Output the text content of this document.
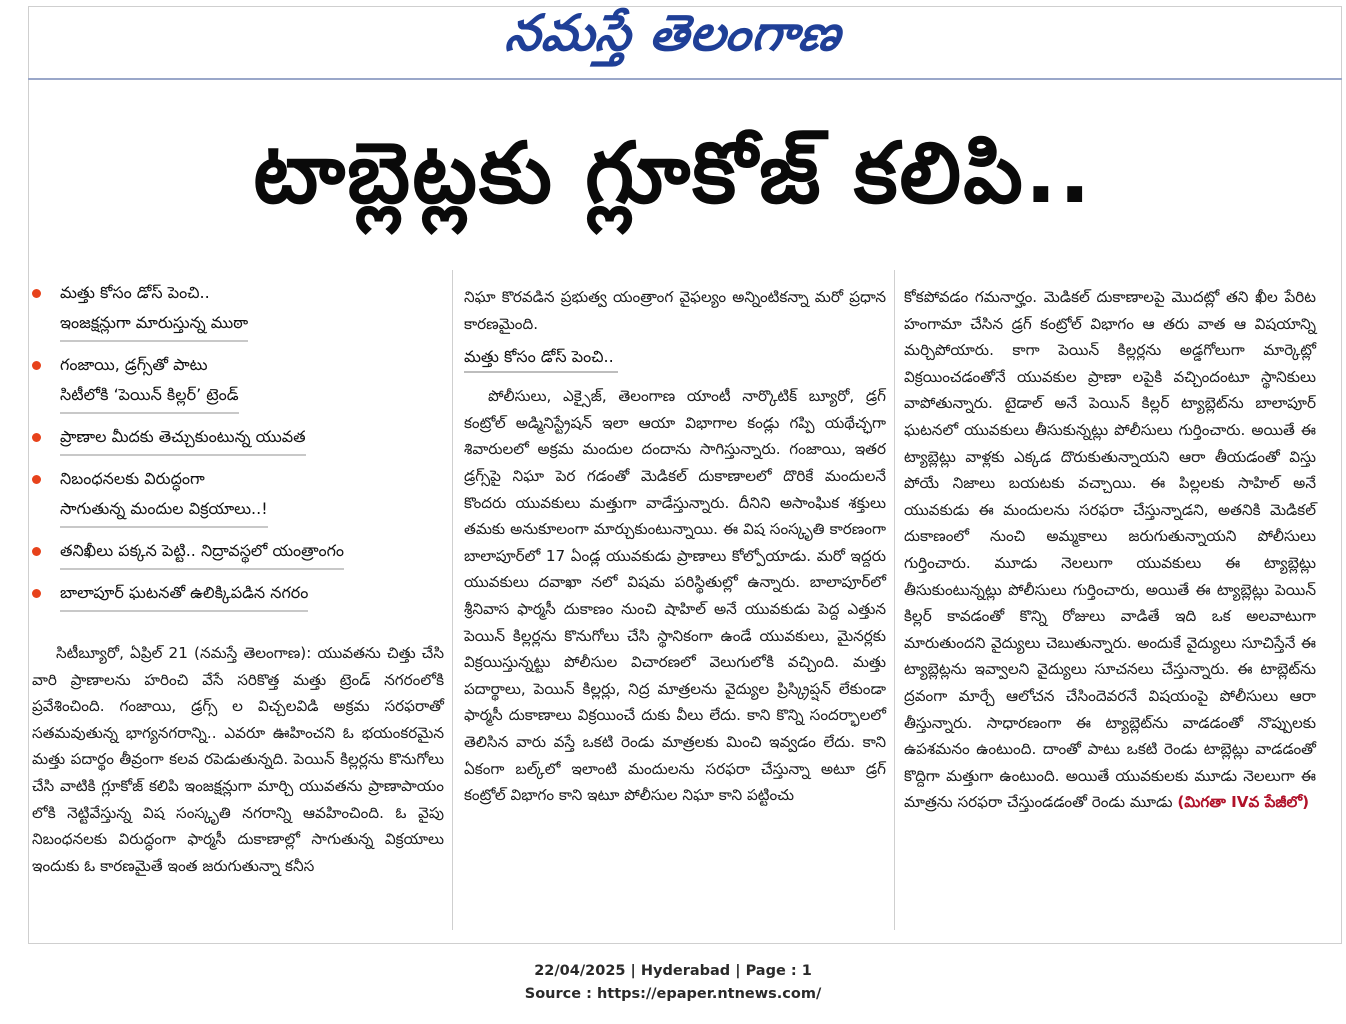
నమస్తే తెలంగాణ
టాబ్లెట్లకు గ్లూకోజ్ కలిపి..
మత్తు కోసం డోస్ పెంచి..
ఇంజక్షన్లుగా మారుస్తున్న ముఠా
గంజాయి, డ్రగ్స్‌తో పాటు
సిటీలోకి ‘పెయిన్ కిల్లర్’ ట్రెండ్
ప్రాణాల మీదకు తెచ్చుకుంటున్న యువత
నిబంధనలకు విరుద్ధంగా
సాగుతున్న మందుల విక్రయాలు..!
తనిఖీలు పక్కన పెట్టి.. నిద్రావస్థలో యంత్రాంగం
బాలాపూర్ ఘటనతో ఉలిక్కిపడిన నగరం

సిటీబ్యూరో, ఏప్రిల్ 21 (నమస్తే తెలంగాణ): యువతను చిత్తు చేసి వారి ప్రాణాలను హరించి వేసే సరికొత్త మత్తు ట్రెండ్ నగరంలోకి ప్రవేశించింది. గంజాయి, డ్రగ్స్ ల విచ్చలవిడి అక్రమ సరఫరాతో సతమవుతున్న భాగ్యనగరాన్ని.. ఎవరూ ఊహించని ఓ భయంకరమైన మత్తు పదార్థం తీవ్రంగా కలవ రపెడుతున్నది. పెయిన్ కిల్లర్లను కొనుగోలు చేసి వాటికి గ్లూకోజ్ కలిపి ఇంజక్షన్లుగా మార్చి యువతను ప్రాణాపాయం లోకి నెట్టివేస్తున్న విష సంస్కృతి నగరాన్ని ఆవహించింది. ఓ వైపు నిబంధనలకు విరుద్ధంగా ఫార్మసీ దుకాణాల్లో సాగుతున్న విక్రయాలు ఇందుకు ఓ కారణమైతే ఇంత జరుగుతున్నా కనీస

నిఘా కొరవడిన ప్రభుత్వ యంత్రాంగ వైఫల్యం అన్నింటికన్నా మరో ప్రధాన కారణమైంది.

మత్తు కోసం డోస్ పెంచి..

పోలీసులు, ఎక్సైజ్, తెలంగాణ యాంటీ నార్కొటిక్ బ్యూరో, డ్రగ్ కంట్రోల్ అడ్మినిస్ట్రేషన్ ఇలా ఆయా విభాగాల కండ్లు గప్పి యథేచ్ఛగా శివారులలో అక్రమ మందుల దందాను సాగిస్తున్నారు. గంజాయి, ఇతర డ్రగ్స్‌పై నిఘా పెర గడంతో మెడికల్ దుకాణాలలో దొరికే మందులనే కొందరు యువకులు మత్తుగా వాడేస్తున్నారు. దీనిని అసాంఘిక శక్తులు తమకు అనుకూలంగా మార్చుకుంటున్నాయి. ఈ విష సంస్కృతి కారణంగా బాలాపూర్‌లో 17 ఏండ్ల యువకుడు ప్రాణాలు కోల్పోయాడు. మరో ఇద్దరు యువకులు దవాఖా నలో విషమ పరిస్థితుల్లో ఉన్నారు. బాలాపూర్‌లో శ్రీనివాస ఫార్మసీ దుకాణం నుంచి షాహిల్ అనే యువకుడు పెద్ద ఎత్తున పెయిన్ కిల్లర్లను కొనుగోలు చేసి స్థానికంగా ఉండే యువకులు, మైనర్లకు విక్రయిస్తున్నట్టు పోలీసుల విచారణలో వెలుగులోకి వచ్చింది. మత్తు పదార్థాలు, పెయిన్ కిల్లర్లు, నిద్ర మాత్రలను వైద్యుల ప్రిస్క్రిప్షన్ లేకుండా ఫార్మసీ దుకాణాలు విక్రయించే దుకు వీలు లేదు. కాని కొన్ని సందర్భాలలో తెలిసిన వారు వస్తే ఒకటి రెండు మాత్రలకు మించి ఇవ్వడం లేదు. కాని ఏకంగా బల్క్‌లో ఇలాంటి మందులను సరఫరా చేస్తున్నా అటూ డ్రగ్ కంట్రోల్ విభాగం కాని ఇటూ పోలీసుల నిఘా కాని పట్టించు

కోకపోవడం గమనార్హం. మెడికల్ దుకాణాలపై మొదట్లో తని ఖీల పేరిట హంగామా చేసిన డ్రగ్ కంట్రోల్ విభాగం ఆ తరు వాత ఆ విషయాన్ని మర్చిపోయారు. కాగా పెయిన్ కిల్లర్లను అడ్డగోలుగా మార్కెట్లో విక్రయించడంతోనే యువకుల ప్రాణా లపైకి వచ్చిందంటూ స్థానికులు వాపోతున్నారు. టైడాల్ అనే పెయిన్ కిల్లర్ ట్యాబ్లెట్‌ను బాలాపూర్ ఘటనలో యువకులు తీసుకున్నట్లు పోలీసులు గుర్తించారు. అయితే ఈ ట్యాబ్లెట్లు వాళ్లకు ఎక్కడ దొరుకుతున్నాయని ఆరా తీయడంతో విస్తు పోయే నిజాలు బయటకు వచ్చాయి. ఈ పిల్లలకు సాహిల్ అనే యువకుడు ఈ మందులను సరఫరా చేస్తున్నాడని, అతనికి మెడికల్ దుకాణంలో నుంచి అమ్మకాలు జరుగుతున్నాయని పోలీసులు గుర్తించారు. మూడు నెలలుగా యువకులు ఈ ట్యాబ్లెట్లు తీసుకుంటున్నట్లు పోలీసులు గుర్తించారు, అయితే ఈ ట్యాబ్లెట్లు పెయిన్ కిల్లర్ కావడంతో కొన్ని రోజులు వాడితే ఇది ఒక అలవాటుగా మారుతుందని వైద్యులు చెబుతున్నారు. అందుకే వైద్యులు సూచిస్తేనే ఈ ట్యాబ్లెట్లను ఇవ్వాలని వైద్యులు సూచనలు చేస్తున్నారు. ఈ టాబ్లెట్‌ను ద్రవంగా మార్చే ఆలోచన చేసిందెవరనే విషయంపై పోలీసులు ఆరా తీస్తున్నారు. సాధారణంగా ఈ ట్యాబ్లెట్‌ను వాడడంతో నొప్పులకు ఉపశమనం ఉంటుంది. దాంతో పాటు ఒకటి రెండు టాబ్లెట్లు వాడడంతో కొద్దిగా మత్తుగా ఉంటుంది. అయితే యువకులకు మూడు నెలలుగా ఈ మాత్రను సరఫరా చేస్తుండడంతో రెండు మూడు (మిగతా IVవ పేజీలో)
22/04/2025 | Hyderabad | Page : 1
Source : https://epaper.ntnews.com/
